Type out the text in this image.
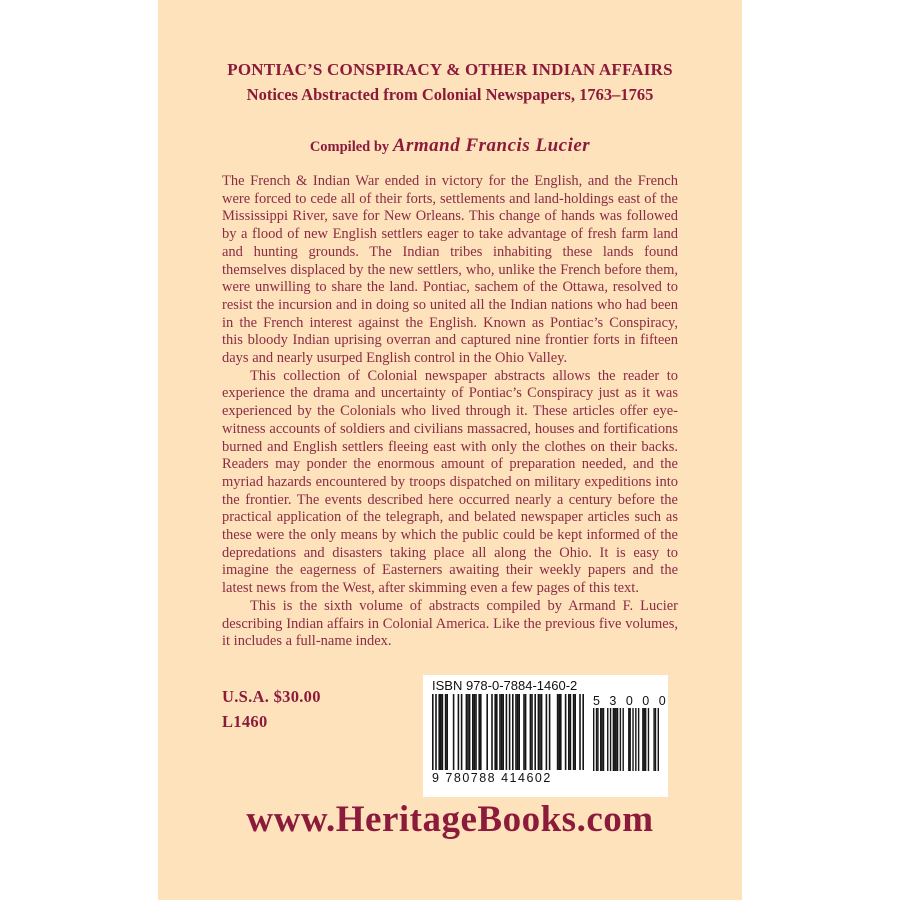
PONTIAC’S CONSPIRACY & OTHER INDIAN AFFAIRS
Notices Abstracted from Colonial Newspapers, 1763–1765
Compiled by Armand Francis Lucier

The French & Indian War ended in victory for the English, and the French were forced to cede all of their forts, settlements and land-holdings east of the Mississippi River, save for New Orleans. This change of hands was followed by a flood of new English settlers eager to take advantage of fresh farm land and hunting grounds. The Indian tribes inhabiting these lands found themselves displaced by the new settlers, who, unlike the French before them, were unwilling to share the land. Pontiac, sachem of the Ottawa, resolved to resist the incursion and in doing so united all the Indian nations who had been in the French interest against the English. Known as Pontiac’s Conspiracy, this bloody Indian uprising overran and captured nine frontier forts in fifteen days and nearly usurped English control in the Ohio Valley.

This collection of Colonial newspaper abstracts allows the reader to experience the drama and uncertainty of Pontiac’s Conspiracy just as it was experienced by the Colonials who lived through it. These articles offer eye-witness accounts of soldiers and civilians massacred, houses and fortifications burned and English settlers fleeing east with only the clothes on their backs. Readers may ponder the enormous amount of preparation needed, and the myriad hazards encountered by troops dispatched on military expeditions into the frontier. The events described here occurred nearly a century before the practical application of the telegraph, and belated newspaper articles such as these were the only means by which the public could be kept informed of the depredations and disasters taking place all along the Ohio. It is easy to imagine the eagerness of Easterners awaiting their weekly papers and the latest news from the West, after skimming even a few pages of this text.

This is the sixth volume of abstracts compiled by Armand F. Lucier describing Indian affairs in Colonial America. Like the previous five volumes, it includes a full-name index.

U.S.A. $30.00
L1460
ISBN 978-0-7884-1460-2
9 780788 414602
5 3 0 0 0
www.HeritageBooks.com
